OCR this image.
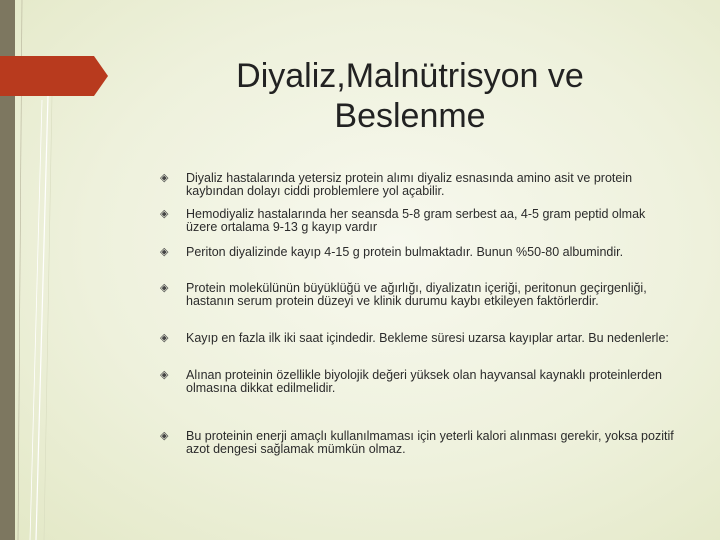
Diyaliz,Malnütrisyon ve
Beslenme
◈	Diyaliz hastalarında yetersiz protein alımı diyaliz esnasında amino asit ve protein kaybından dolayı ciddi problemlere yol açabilir.
◈	Hemodiyaliz hastalarında her seansda 5-8 gram serbest aa, 4-5 gram peptid olmak üzere ortalama 9-13 g kayıp vardır
◈	Periton diyalizinde kayıp 4-15 g protein bulmaktadır. Bunun %50-80 albumindir.
◈	Protein molekülünün büyüklüğü ve ağırlığı, diyalizatın içeriği, peritonun geçirgenliği, hastanın serum protein düzeyi ve klinik durumu kaybı etkileyen faktörlerdir.
◈	Kayıp en fazla ilk iki saat içindedir. Bekleme süresi uzarsa kayıplar artar. Bu nedenlerle:
◈	Alınan proteinin özellikle biyolojik değeri yüksek olan hayvansal kaynaklı proteinlerden olmasına dikkat edilmelidir.
◈	Bu proteinin enerji amaçlı kullanılmaması için yeterli kalori alınması gerekir, yoksa pozitif azot dengesi sağlamak mümkün olmaz.
